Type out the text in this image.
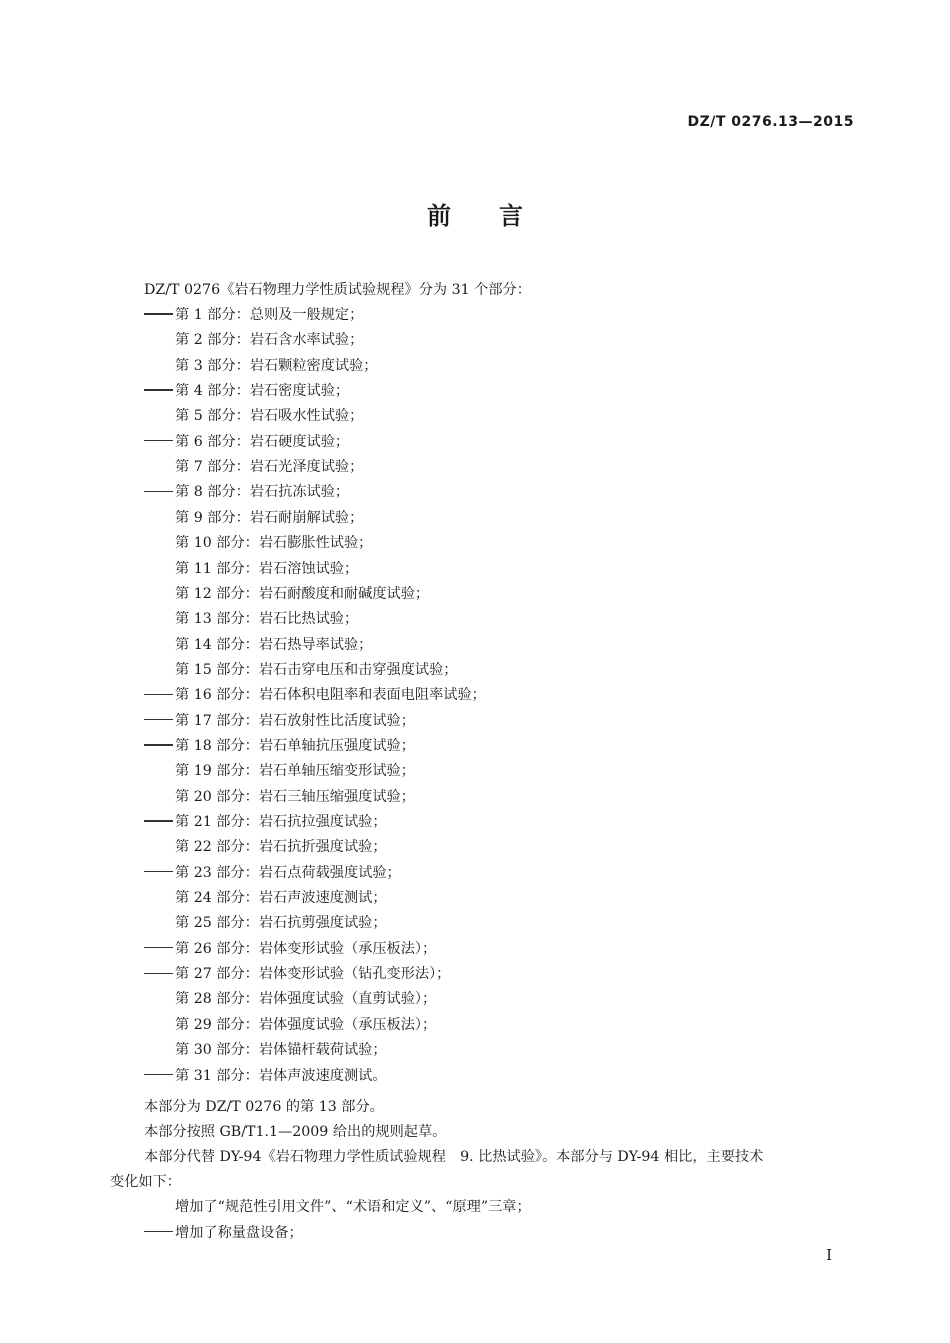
DZ/T 0276.13—2015
前　　言
DZ/T 0276《岩石物理力学性质试验规程》分为 31 个部分：
第 1 部分：总则及一般规定；
第 2 部分：岩石含水率试验；
第 3 部分：岩石颗粒密度试验；
第 4 部分：岩石密度试验；
第 5 部分：岩石吸水性试验；
第 6 部分：岩石硬度试验；
第 7 部分：岩石光泽度试验；
第 8 部分：岩石抗冻试验；
第 9 部分：岩石耐崩解试验；
第 10 部分：岩石膨胀性试验；
第 11 部分：岩石溶蚀试验；
第 12 部分：岩石耐酸度和耐碱度试验；
第 13 部分：岩石比热试验；
第 14 部分：岩石热导率试验；
第 15 部分：岩石击穿电压和击穿强度试验；
第 16 部分：岩石体积电阻率和表面电阻率试验；
第 17 部分：岩石放射性比活度试验；
第 18 部分：岩石单轴抗压强度试验；
第 19 部分：岩石单轴压缩变形试验；
第 20 部分：岩石三轴压缩强度试验；
第 21 部分：岩石抗拉强度试验；
第 22 部分：岩石抗折强度试验；
第 23 部分：岩石点荷载强度试验；
第 24 部分：岩石声波速度测试；
第 25 部分：岩石抗剪强度试验；
第 26 部分：岩体变形试验（承压板法）；
第 27 部分：岩体变形试验（钻孔变形法）；
第 28 部分：岩体强度试验（直剪试验）；
第 29 部分：岩体强度试验（承压板法）；
第 30 部分：岩体锚杆载荷试验；
第 31 部分：岩体声波速度测试。
本部分为 DZ/T 0276 的第 13 部分。
本部分按照 GB/T1.1—2009 给出的规则起草。
本部分代替 DY-94《岩石物理力学性质试验规程　9. 比热试验》。本部分与 DY-94 相比，主要技术
变化如下：
增加了“规范性引用文件”、“术语和定义”、“原理”三章；
增加了称量盘设备；
I
